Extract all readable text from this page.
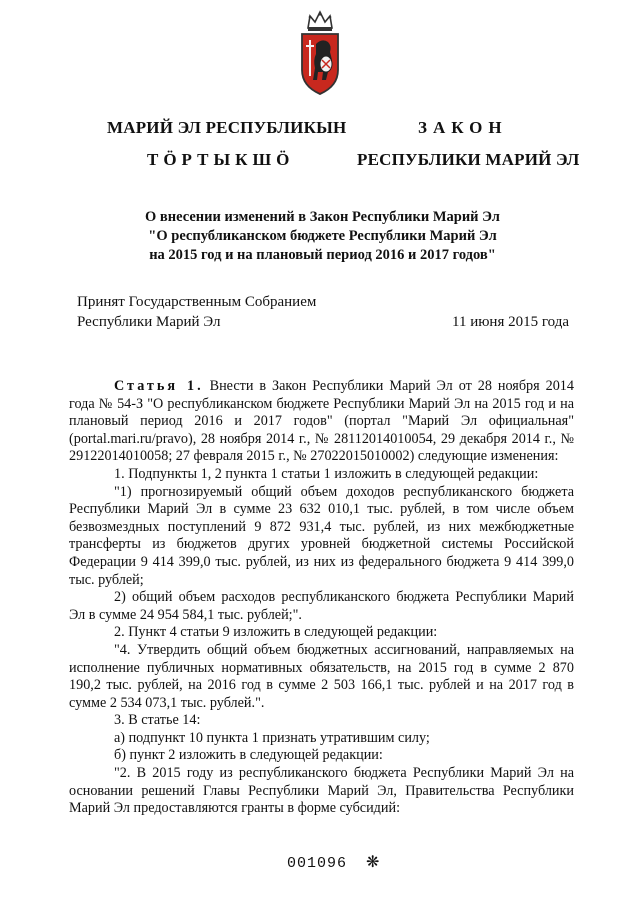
МАРИЙ ЭЛ РЕСПУБЛИКЫН
ТӦРТЫКШӦ
ЗАКОН
РЕСПУБЛИКИ МАРИЙ ЭЛ
О внесении изменений в Закон Республики Марий Эл
"О республиканском бюджете Республики Марий Эл
на 2015 год и на плановый период 2016 и 2017 годов"
Принят Государственным Собранием
Республики Марий Эл	11 июня 2015 года

Статья 1. Внести в Закон Республики Марий Эл от 28 ноября 2014 года № 54-З "О республиканском бюджете Республики Марий Эл на 2015 год и на плановый период 2016 и 2017 годов" (портал "Марий Эл официальная" (portal.mari.ru/pravo), 28 ноября 2014 г., № 28112014010054, 29 декабря 2014 г., № 29122014010058; 27 февраля 2015 г., № 27022015010002) следующие изменения:

1. Подпункты 1, 2 пункта 1 статьи 1 изложить в следующей редакции:

"1) прогнозируемый общий объем доходов республиканского бюджета Республики Марий Эл в сумме 23 632 010,1 тыс. рублей, в том числе объем безвозмездных поступлений 9 872 931,4 тыс. рублей, из них межбюджетные трансферты из бюджетов других уровней бюджетной системы Российской Федерации 9 414 399,0 тыс. рублей, из них из федерального бюджета 9 414 399,0 тыс. рублей;

2) общий объем расходов республиканского бюджета Республики Марий Эл в сумме 24 954 584,1 тыс. рублей;".

2. Пункт 4 статьи 9 изложить в следующей редакции:

"4. Утвердить общий объем бюджетных ассигнований, направляемых на исполнение публичных нормативных обязательств, на 2015 год в сумме 2 870 190,2 тыс. рублей, на 2016 год в сумме 2 503 166,1 тыс. рублей и на 2017 год в сумме 2 534 073,1 тыс. рублей.".

3. В статье 14:

а) подпункт 10 пункта 1 признать утратившим силу;

б) пункт 2 изложить в следующей редакции:

"2. В 2015 году из республиканского бюджета Республики Марий Эл на основании решений Главы Республики Марий Эл, Правительства Республики Марий Эл предоставляются гранты в форме субсидий:

001096 ❋
